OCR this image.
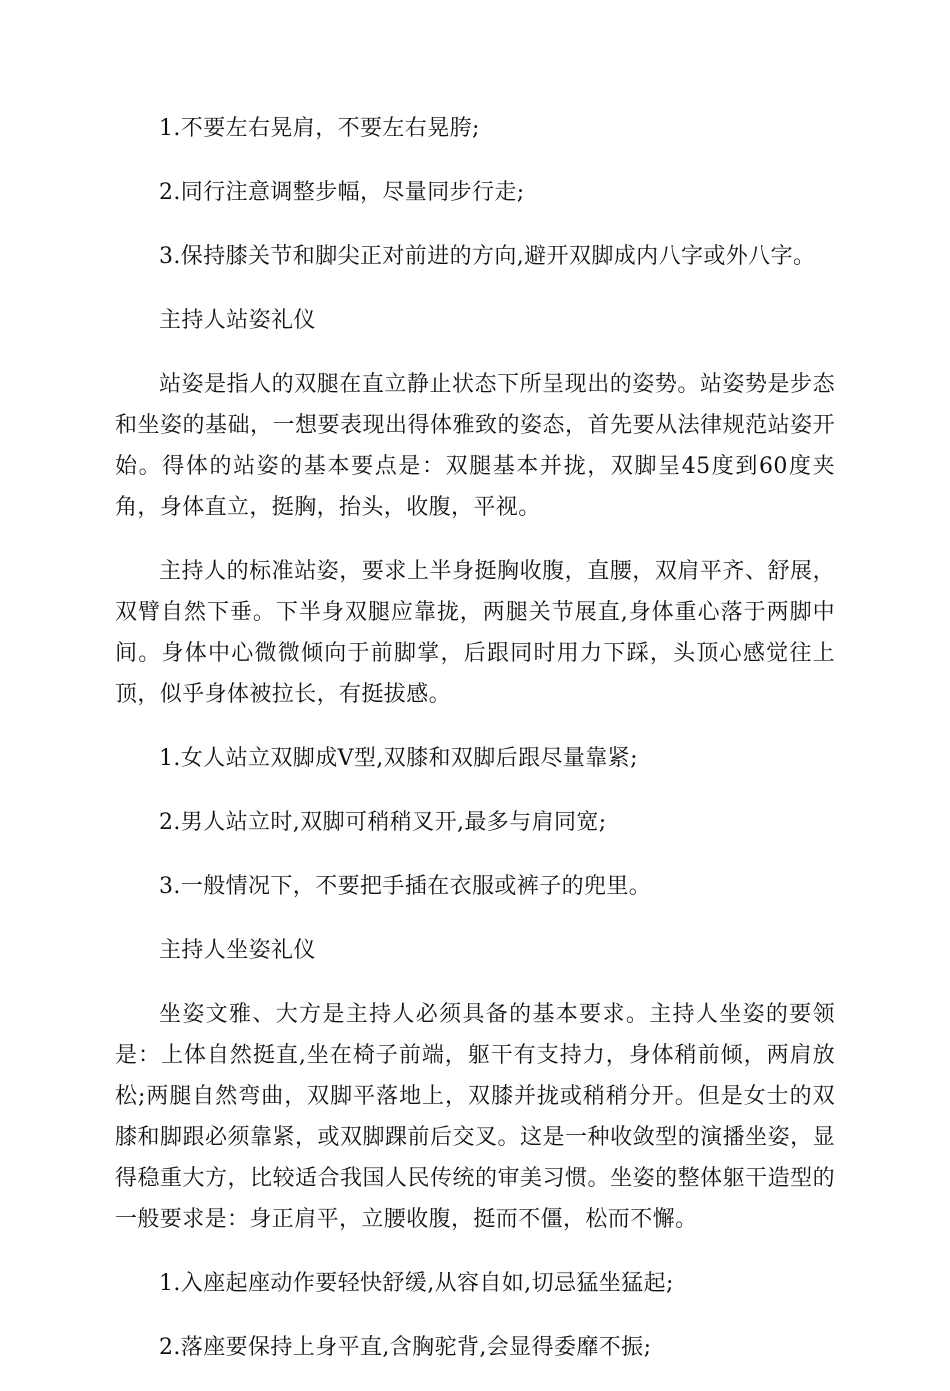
1.不要左右晃肩，不要左右晃胯;

2.同行注意调整步幅，尽量同步行走;

3.保持膝关节和脚尖正对前进的方向,避开双脚成内八字或外八字。

主持人站姿礼仪

站姿是指人的双腿在直立静止状态下所呈现出的姿势。站姿势是步态和坐姿的基础，一想要表现出得体雅致的姿态，首先要从法律规范站姿开始。得体的站姿的基本要点是：双腿基本并拢，双脚呈45度到60度夹角，身体直立，挺胸，抬头，收腹，平视。

主持人的标准站姿，要求上半身挺胸收腹，直腰，双肩平齐、舒展，双臂自然下垂。下半身双腿应靠拢，两腿关节展直,身体重心落于两脚中间。身体中心微微倾向于前脚掌，后跟同时用力下踩，头顶心感觉往上顶，似乎身体被拉长，有挺拔感。

1.女人站立双脚成V型,双膝和双脚后跟尽量靠紧;

2.男人站立时,双脚可稍稍叉开,最多与肩同宽;

3.一般情况下，不要把手插在衣服或裤子的兜里。

主持人坐姿礼仪

坐姿文雅、大方是主持人必须具备的基本要求。主持人坐姿的要领是：上体自然挺直,坐在椅子前端，躯干有支持力，身体稍前倾，两肩放松;两腿自然弯曲，双脚平落地上，双膝并拢或稍稍分开。但是女士的双膝和脚跟必须靠紧，或双脚踝前后交叉。这是一种收敛型的演播坐姿，显得稳重大方，比较适合我国人民传统的审美习惯。坐姿的整体躯干造型的一般要求是：身正肩平，立腰收腹，挺而不僵，松而不懈。

1.入座起座动作要轻快舒缓,从容自如,切忌猛坐猛起;

2.落座要保持上身平直,含胸驼背,会显得委靡不振;
